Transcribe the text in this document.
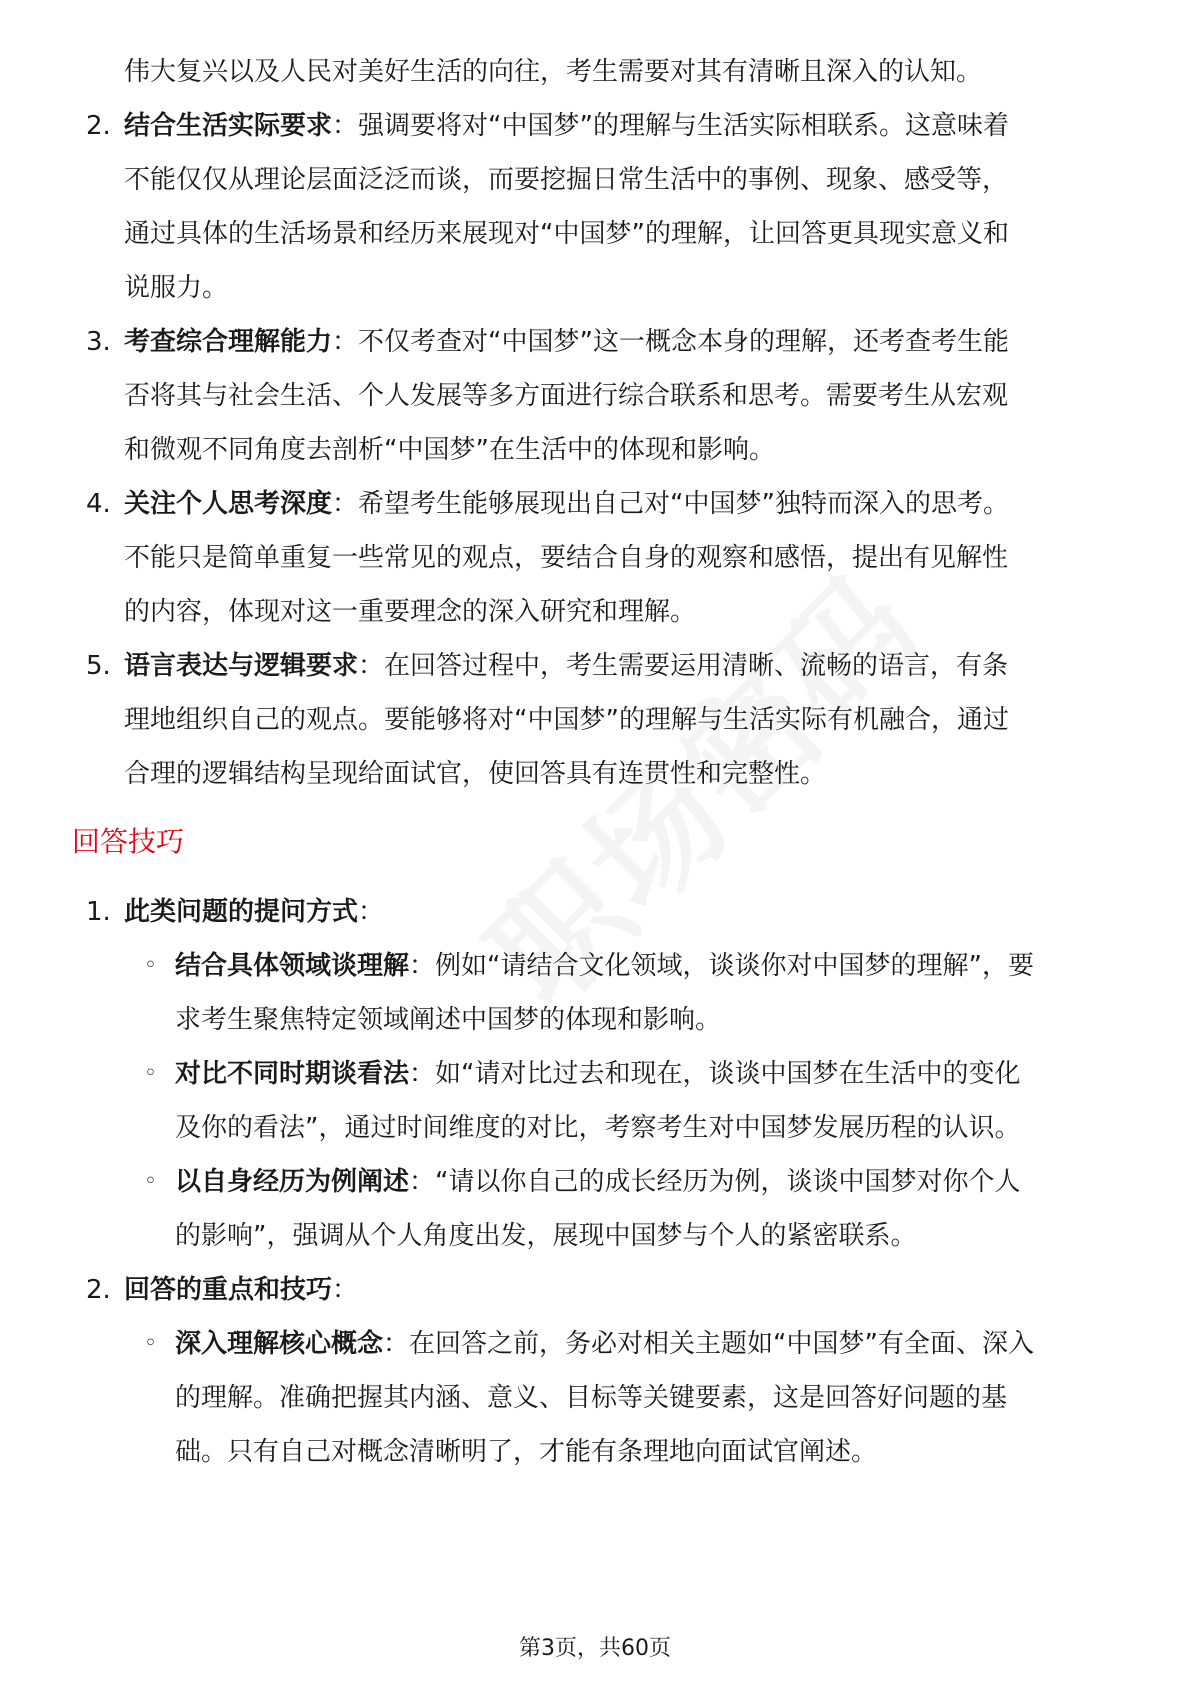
伟大复兴以及人民对美好生活的向往，考生需要对其有清晰且深入的认知。
2. 结合生活实际要求：强调要将对“中国梦”的理解与生活实际相联系。这意味着
不能仅仅从理论层面泛泛而谈，而要挖掘日常生活中的事例、现象、感受等，
通过具体的生活场景和经历来展现对“中国梦”的理解，让回答更具现实意义和
说服力。
3. 考查综合理解能力：不仅考查对“中国梦”这一概念本身的理解，还考查考生能
否将其与社会生活、个人发展等多方面进行综合联系和思考。需要考生从宏观
和微观不同角度去剖析“中国梦”在生活中的体现和影响。
4. 关注个人思考深度：希望考生能够展现出自己对“中国梦”独特而深入的思考。
不能只是简单重复一些常见的观点，要结合自身的观察和感悟，提出有见解性
的内容，体现对这一重要理念的深入研究和理解。
5. 语言表达与逻辑要求：在回答过程中，考生需要运用清晰、流畅的语言，有条
理地组织自己的观点。要能够将对“中国梦”的理解与生活实际有机融合，通过
合理的逻辑结构呈现给面试官，使回答具有连贯性和完整性。
回答技巧
1. 此类问题的提问方式：
◦ 结合具体领域谈理解：例如“请结合文化领域，谈谈你对中国梦的理解”，要
求考生聚焦特定领域阐述中国梦的体现和影响。
◦ 对比不同时期谈看法：如“请对比过去和现在，谈谈中国梦在生活中的变化
及你的看法”，通过时间维度的对比，考察考生对中国梦发展历程的认识。
◦ 以自身经历为例阐述：“请以你自己的成长经历为例，谈谈中国梦对你个人
的影响”，强调从个人角度出发，展现中国梦与个人的紧密联系。
2. 回答的重点和技巧：
◦ 深入理解核心概念：在回答之前，务必对相关主题如“中国梦”有全面、深入
的理解。准确把握其内涵、意义、目标等关键要素，这是回答好问题的基
础。只有自己对概念清晰明了，才能有条理地向面试官阐述。
第3页，共60页
